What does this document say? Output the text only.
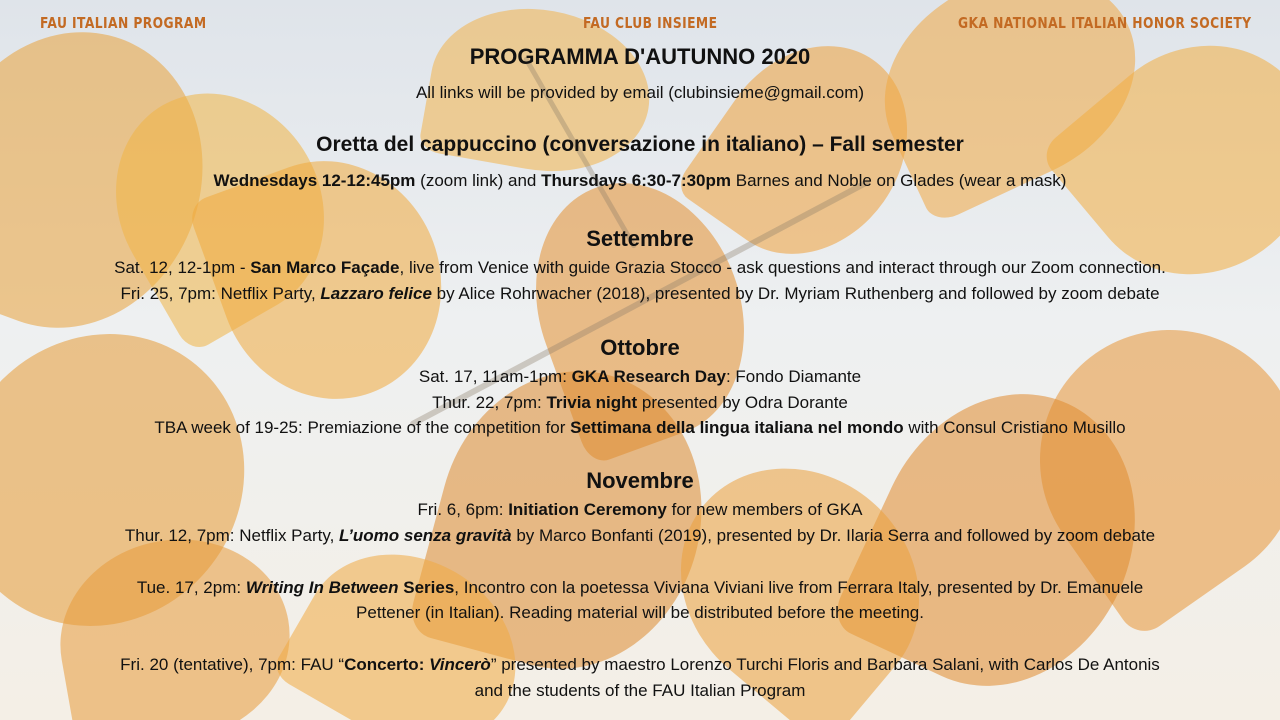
FAU ITALIAN PROGRAM	FAU CLUB INSIEME	GKA NATIONAL ITALIAN HONOR SOCIETY
PROGRAMMA D'AUTUNNO 2020
All links will be provided by email (clubinsieme@gmail.com)
Oretta del cappuccino (conversazione in italiano) – Fall semester
Wednesdays 12-12:45pm (zoom link) and Thursdays 6:30-7:30pm Barnes and Noble on Glades (wear a mask)
Settembre
Sat. 12, 12-1pm - San Marco Façade, live from Venice with guide Grazia Stocco - ask questions and interact through our Zoom connection.
Fri. 25, 7pm: Netflix Party, Lazzaro felice by Alice Rohrwacher (2018), presented by Dr. Myriam Ruthenberg and followed by zoom debate
Ottobre
Sat. 17, 11am-1pm: GKA Research Day: Fondo Diamante
Thur. 22, 7pm: Trivia night presented by Odra Dorante
TBA week of 19-25: Premiazione of the competition for Settimana della lingua italiana nel mondo with Consul Cristiano Musillo
Novembre
Fri. 6, 6pm: Initiation Ceremony for new members of GKA
Thur. 12, 7pm: Netflix Party, L’uomo senza gravità by Marco Bonfanti (2019), presented by Dr. Ilaria Serra and followed by zoom debate
Tue. 17, 2pm: Writing In Between Series, Incontro con la poetessa Viviana Viviani live from Ferrara Italy, presented by Dr. Emanuele
Pettener (in Italian). Reading material will be distributed before the meeting.
Fri. 20 (tentative), 7pm: FAU “Concerto: Vincerò” presented by maestro Lorenzo Turchi Floris and Barbara Salani, with Carlos De Antonis
and the students of the FAU Italian Program
